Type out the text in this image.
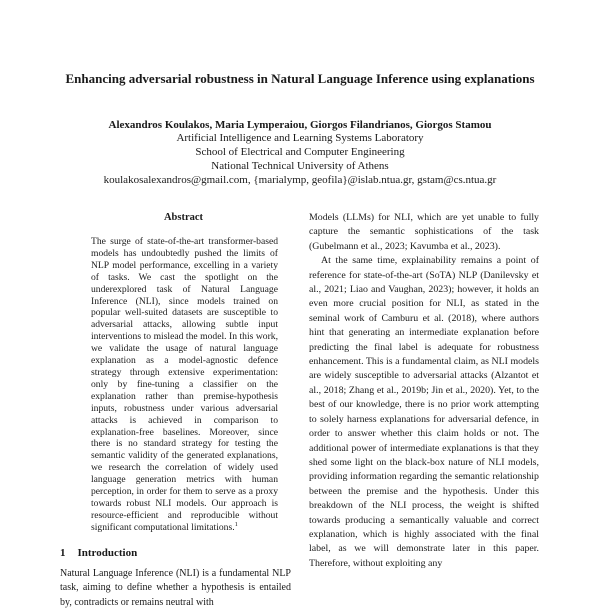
Enhancing adversarial robustness in Natural Language Inference using explanations
Alexandros Koulakos, Maria Lymperaiou, Giorgos Filandrianos, Giorgos Stamou
Artificial Intelligence and Learning Systems Laboratory
School of Electrical and Computer Engineering
National Technical University of Athens
koulakosalexandros@gmail.com, {marialymp, geofila}@islab.ntua.gr, gstam@cs.ntua.gr
Abstract
The surge of state-of-the-art transformer-based models has undoubtedly pushed the limits of NLP model performance, excelling in a variety of tasks. We cast the spotlight on the underexplored task of Natural Language Inference (NLI), since models trained on popular well-suited datasets are susceptible to adversarial attacks, allowing subtle input interventions to mislead the model. In this work, we validate the usage of natural language explanation as a model-agnostic defence strategy through extensive experimentation: only by fine-tuning a classifier on the explanation rather than premise-hypothesis inputs, robustness under various adversarial attacks is achieved in comparison to explanation-free baselines. Moreover, since there is no standard strategy for testing the semantic validity of the generated explanations, we research the correlation of widely used language generation metrics with human perception, in order for them to serve as a proxy towards robust NLI models. Our approach is resource-efficient and reproducible without significant computational limitations.$^1$
1 Introduction
Natural Language Inference (NLI) is a fundamental NLP task, aiming to define whether a hypothesis is entailed by, contradicts or remains neutral with

Models (LLMs) for NLI, which are yet unable to fully capture the semantic sophistications of the task (Gubelmann et al., 2023; Kavumba et al., 2023).

At the same time, explainability remains a point of reference for state-of-the-art (SoTA) NLP (Danilevsky et al., 2021; Liao and Vaughan, 2023); however, it holds an even more crucial position for NLI, as stated in the seminal work of Camburu et al. (2018), where authors hint that generating an intermediate explanation before predicting the final label is adequate for robustness enhancement. This is a fundamental claim, as NLI models are widely susceptible to adversarial attacks (Alzantot et al., 2018; Zhang et al., 2019b; Jin et al., 2020). Yet, to the best of our knowledge, there is no prior work attempting to solely harness explanations for adversarial defence, in order to answer whether this claim holds or not. The additional power of intermediate explanations is that they shed some light on the black-box nature of NLI models, providing information regarding the semantic relationship between the premise and the hypothesis. Under this breakdown of the NLI process, the weight is shifted towards producing a semantically valuable and correct explanation, which is highly associated with the final label, as we will demonstrate later in this paper. Therefore, without exploiting any
